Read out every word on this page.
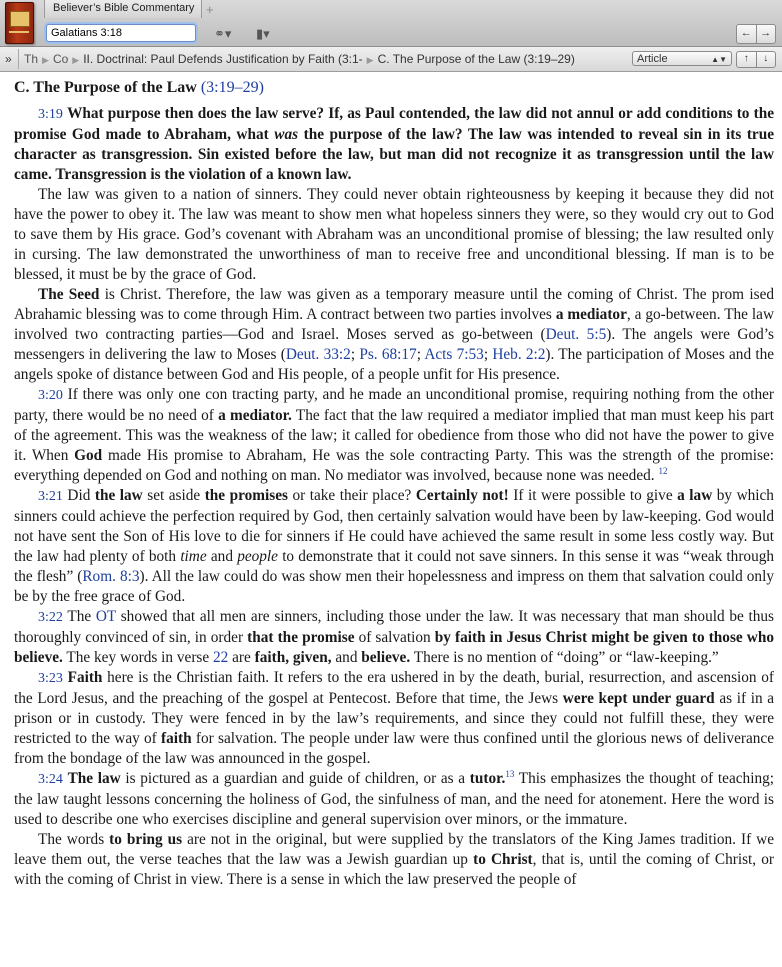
Believer’s Bible Commentary +
Galatians 3:18
⚭▾ ▮▾	← →
» Th ▶ Co ▶ II. Doctrinal: Paul Defends Justification by Faith (3:1- ▶ C. The Purpose of the Law (3:19–29)	Article	▲▼	↑	↓
C. The Purpose of the Law (3:19–29)

3:19 What purpose then does the law serve? If, as Paul contended, the law did not annul or add conditions to the promise God made to Abraham, what was the purpose of the law? The law was intended to reveal sin in its true character as transgression. Sin existed before the law, but man did not recognize it as transgression until the law came. Transgression is the violation of a known law.

The law was given to a nation of sinners. They could never obtain righteousness by keeping it because they did not have the power to obey it. The law was meant to show men what hopeless sinners they were, so they would cry out to God to save them by His grace. God’s covenant with Abraham was an unconditional promise of blessing; the law resulted only in cursing. The law demonstrated the unworthiness of man to receive free and unconditional blessing. If man is to be blessed, it must be by the grace of God.

The Seed is Christ. Therefore, the law was given as a temporary measure until the coming of Christ. The prom ised Abrahamic blessing was to come through Him. A contract between two parties involves a mediator, a go-between. The law involved two contracting parties—God and Israel. Moses served as go-between (Deut. 5:5). The angels were God’s messengers in delivering the law to Moses (Deut. 33:2; Ps. 68:17; Acts 7:53; Heb. 2:2). The participation of Moses and the angels spoke of distance between God and His people, of a people unfit for His presence.

3:20 If there was only one con tracting party, and he made an unconditional promise, requiring nothing from the other party, there would be no need of a mediator. The fact that the law required a mediator implied that man must keep his part of the agreement. This was the weakness of the law; it called for obedience from those who did not have the power to give it. When God made His promise to Abraham, He was the sole contracting Party. This was the strength of the promise: everything depended on God and nothing on man. No mediator was involved, because none was needed. $^{12}$

3:21 Did the law set aside the promises or take their place? Certainly not! If it were possible to give a law by which sinners could achieve the perfection required by God, then certainly salvation would have been by law-keeping. God would not have sent the Son of His love to die for sinners if He could have achieved the same result in some less costly way. But the law had plenty of both time and people to demonstrate that it could not save sinners. In this sense it was “weak through the flesh” (Rom. 8:3). All the law could do was show men their hopelessness and impress on them that salvation could only be by the free grace of God.

3:22 The OT showed that all men are sinners, including those under the law. It was necessary that man should be thus thoroughly convinced of sin, in order that the promise of salvation by faith in Jesus Christ might be given to those who believe. The key words in verse 22 are faith, given, and believe. There is no mention of “doing” or “law-keeping.”

3:23 Faith here is the Christian faith. It refers to the era ushered in by the death, burial, resurrection, and ascension of the Lord Jesus, and the preaching of the gospel at Pentecost. Before that time, the Jews were kept under guard as if in a prison or in custody. They were fenced in by the law’s requirements, and since they could not fulfill these, they were restricted to the way of faith for salvation. The people under law were thus confined until the glorious news of deliverance from the bondage of the law was announced in the gospel.

3:24 The law is pictured as a guardian and guide of children, or as a tutor.$^{13}$ This emphasizes the thought of teaching; the law taught lessons concerning the holiness of God, the sinfulness of man, and the need for atonement. Here the word is used to describe one who exercises discipline and general supervision over minors, or the immature.

The words to bring us are not in the original, but were supplied by the translators of the King James tradition. If we leave them out, the verse teaches that the law was a Jewish guardian up to Christ, that is, until the coming of Christ, or with the coming of Christ in view. There is a sense in which the law preserved the people of
